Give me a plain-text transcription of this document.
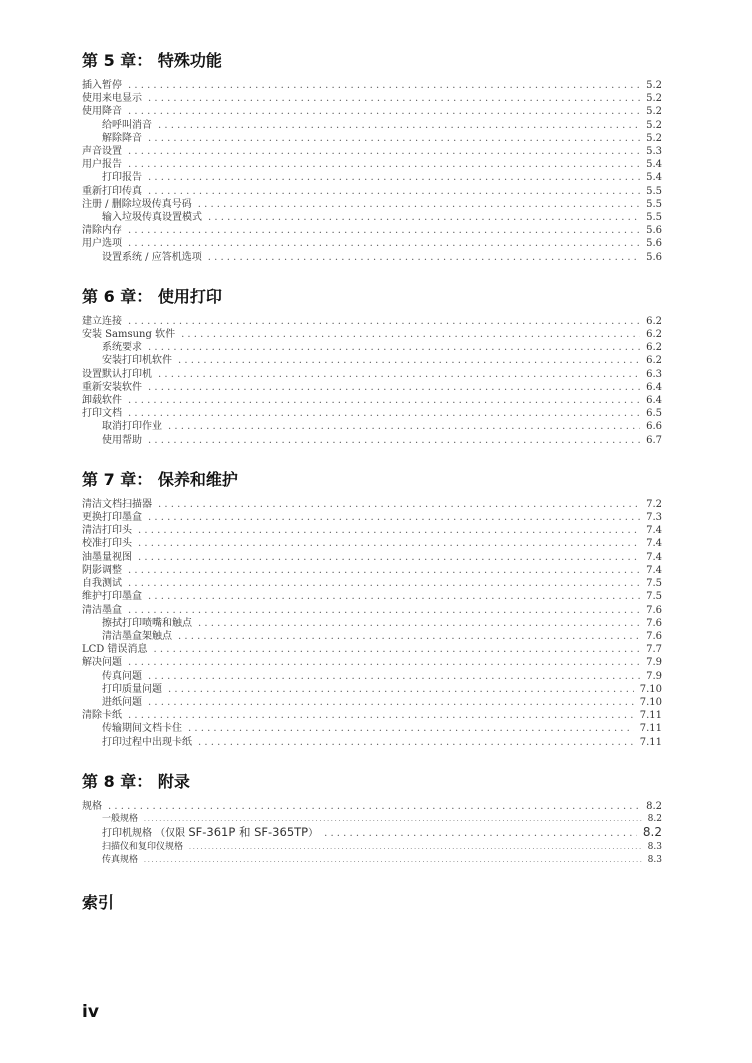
第 5 章： 特殊功能
插入暂停 . . .	5.2
使用来电显示 . . .	5.2
使用降音 . . .	5.2
给呼叫消音 . . .	5.2
解除降音 . . .	5.2
声音设置 . . .	5.3
用户报告 . . .	5.4
打印报告 . . .	5.4
重新打印传真 . . .	5.5
注册 / 删除垃圾传真号码 . . .	5.5
输入垃圾传真设置模式 . . .	5.5
清除内存 . . .	5.6
用户选项 . . .	5.6
设置系统 / 应答机选项 . . .	5.6
第 6 章： 使用打印
建立连接 . . .	6.2
安装 Samsung 软件 . . .	6.2
系统要求 . . .	6.2
安装打印机软件 . . .	6.2
设置默认打印机 . . .	6.3
重新安装软件 . . .	6.4
卸载软件 . . .	6.4
打印文档 . . .	6.5
取消打印作业 . . .	6.6
使用帮助 . . .	6.7
第 7 章： 保养和维护
清洁文档扫描器 . . .	7.2
更换打印墨盒 . . .	7.3
清洁打印头 . . .	7.4
校准打印头 . . .	7.4
油墨量视图 . . .	7.4
阴影调整 . . .	7.4
自我测试 . . .	7.5
维护打印墨盒 . . .	7.5
清洁墨盒 . . .	7.6
擦拭打印喷嘴和触点 . . .	7.6
清洁墨盒架触点 . . .	7.6
LCD 错误消息 . . .	7.7
解决问题 . . .	7.9
传真问题 . . .	7.9
打印质量问题 . . .	7.10
进纸问题 . . .	7.10
清除卡纸 . . .	7.11
传输期间文档卡住 . . .	7.11
打印过程中出现卡纸 . . .	7.11
第 8 章： 附录
规格 . . .	8.2
一般规格 . . .	8.2
打印机规格 （仅限 SF-361P 和 SF-365TP） . . .	8.2
扫描仪和复印仪规格 . . .	8.3
传真规格 . . .	8.3
索引
iv
